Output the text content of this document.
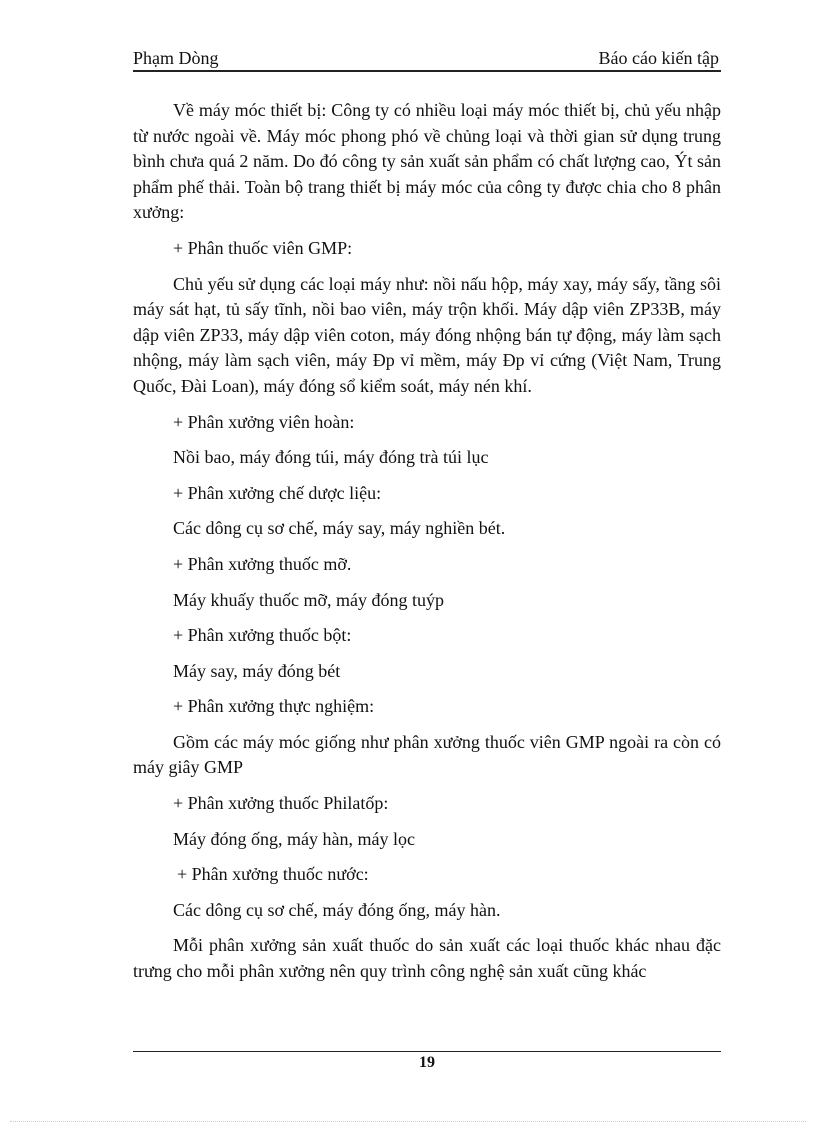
Phạm Dòng	Báo cáo kiến tập

Về máy móc thiết bị: Công ty có nhiều loại máy móc thiết bị, chủ yếu nhập từ nước ngoài về. Máy móc phong phó về chủng loại và thời gian sử dụng trung bình chưa quá 2 năm. Do đó công ty sản xuất sản phẩm có chất lượng cao, Ýt sản phẩm phế thải. Toàn bộ trang thiết bị máy móc của công ty được chia cho 8 phân xưởng:

+ Phân thuốc viên GMP:

Chủ yếu sử dụng các loại máy như: nồi nấu hộp, máy xay, máy sấy, tầng sôi máy sát hạt, tủ sấy tĩnh, nồi bao viên, máy trộn khối. Máy dập viên ZP33B, máy dập viên ZP33, máy dập viên coton, máy đóng nhộng bán tự động, máy làm sạch nhộng, máy làm sạch viên, máy Ðp vỉ mềm, máy Ðp vỉ cứng (Việt Nam, Trung Quốc, Đài Loan), máy đóng sổ kiểm soát, máy nén khí.

+ Phân xưởng viên hoàn:

Nồi bao, máy đóng túi, máy đóng trà túi lục

+ Phân xưởng chế dược liệu:

Các dông cụ sơ chế, máy say, máy nghiền bét.

+ Phân xưởng thuốc mỡ.

Máy khuấy thuốc mỡ, máy đóng tuýp

+ Phân xưởng thuốc bột:

Máy say, máy đóng bét

+ Phân xưởng thực nghiệm:

Gồm các máy móc giống như phân xưởng thuốc viên GMP ngoài ra còn có máy giây GMP

+ Phân xưởng thuốc Philatốp:

Máy đóng ống, máy hàn, máy lọc

+ Phân xưởng thuốc nước:

Các dông cụ sơ chế, máy đóng ống, máy hàn.

Mỗi phân xưởng sản xuất thuốc do sản xuất các loại thuốc khác nhau đặc trưng cho mỗi phân xưởng nên quy trình công nghệ sản xuất cũng khác

19
